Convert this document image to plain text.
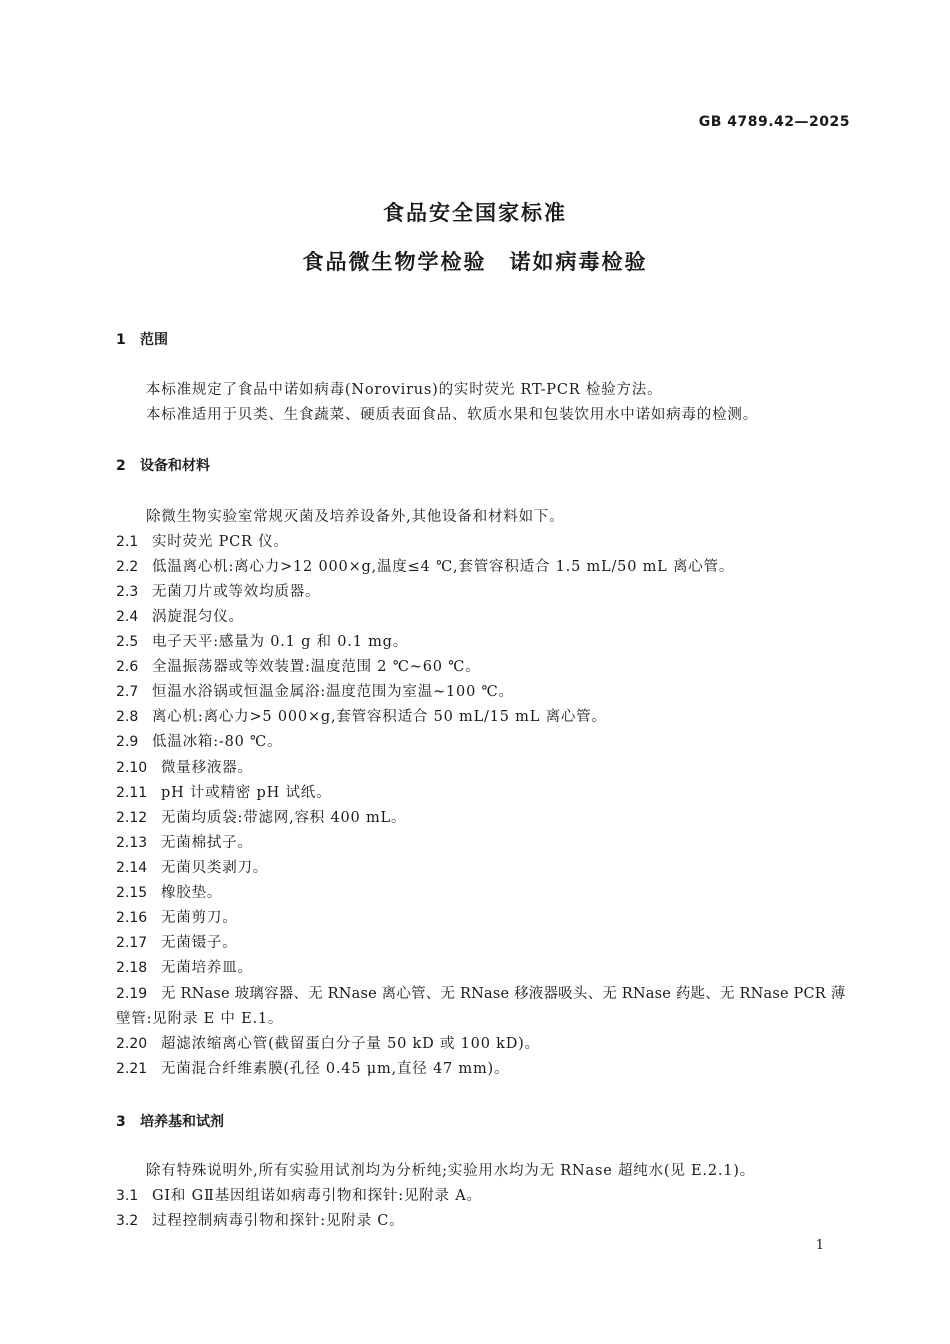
GB 4789.42—2025
食品安全国家标准
食品微生物学检验　诺如病毒检验
1 范围
本标准规定了食品中诺如病毒(Norovirus)的实时荧光 RT-PCR 检验方法。
本标准适用于贝类、生食蔬菜、硬质表面食品、软质水果和包装饮用水中诺如病毒的检测。
2 设备和材料
除微生物实验室常规灭菌及培养设备外,其他设备和材料如下。
2.1 实时荧光 PCR 仪。
2.2 低温离心机:离心力>12 000×g,温度≤4 ℃,套管容积适合 1.5 mL/50 mL 离心管。
2.3 无菌刀片或等效均质器。
2.4 涡旋混匀仪。
2.5 电子天平:感量为 0.1 g 和 0.1 mg。
2.6 全温振荡器或等效装置:温度范围 2 ℃~60 ℃。
2.7 恒温水浴锅或恒温金属浴:温度范围为室温~100 ℃。
2.8 离心机:离心力>5 000×g,套管容积适合 50 mL/15 mL 离心管。
2.9 低温冰箱:-80 ℃。
2.10 微量移液器。
2.11 pH 计或精密 pH 试纸。
2.12 无菌均质袋:带滤网,容积 400 mL。
2.13 无菌棉拭子。
2.14 无菌贝类剥刀。
2.15 橡胶垫。
2.16 无菌剪刀。
2.17 无菌镊子。
2.18 无菌培养皿。
2.19 无 RNase 玻璃容器、无 RNase 离心管、无 RNase 移液器吸头、无 RNase 药匙、无 RNase PCR 薄
壁管:见附录 E 中 E.1。
2.20 超滤浓缩离心管(截留蛋白分子量 50 kD 或 100 kD)。
2.21 无菌混合纤维素膜(孔径 0.45 μm,直径 47 mm)。
3 培养基和试剂
除有特殊说明外,所有实验用试剂均为分析纯;实验用水均为无 RNase 超纯水(见 E.2.1)。
3.1 GⅠ和 GⅡ基因组诺如病毒引物和探针:见附录 A。
3.2 过程控制病毒引物和探针:见附录 C。
1
